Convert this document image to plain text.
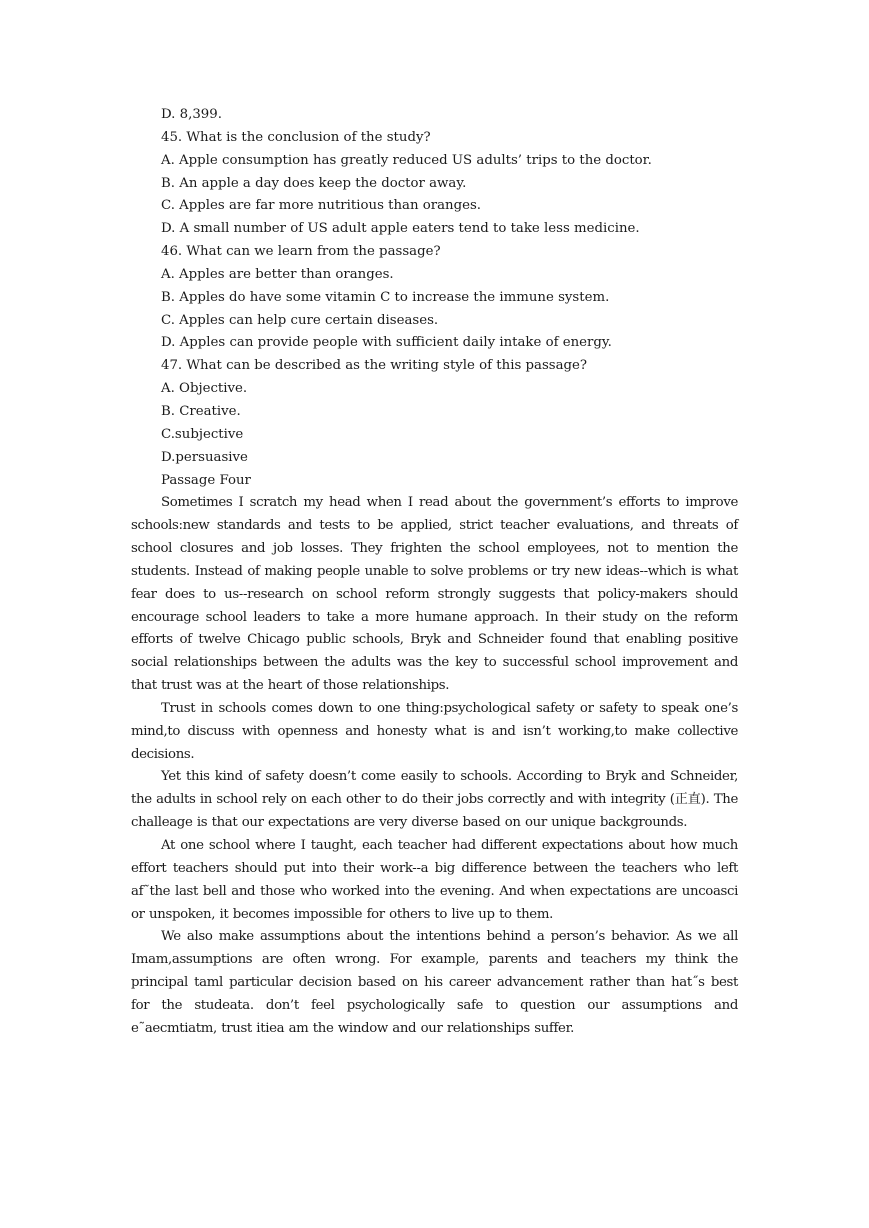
D. 8,399.

45. What is the conclusion of the study?

A. Apple consumption has greatly reduced US adults’ trips to the doctor.

B. An apple a day does keep the doctor away.

C. Apples are far more nutritious than oranges.

D. A small number of US adult apple eaters tend to take less medicine.

46. What can we learn from the passage?

A. Apples are better than oranges.

B. Apples do have some vitamin C to increase the immune system.

C. Apples can help cure certain diseases.

D. Apples can provide people with sufficient daily intake of energy.

47. What can be described as the writing style of this passage?

A. Objective.

B. Creative.

C.subjective

D.persuasive

Passage Four

Sometimes I scratch my head when I read about the government’s efforts to improve schools:new standards and tests to be applied, strict teacher evaluations, and threats of school closures and job losses. They frighten the school employees, not to mention the students. Instead of making people unable to solve problems or try new ideas--which is what fear does to us--research on school reform strongly suggests that policy-makers should encourage school leaders to take a more humane approach. In their study on the reform efforts of twelve Chicago public schools, Bryk and Schneider found that enabling positive social relationships between the adults was the key to successful school improvement and that trust was at the heart of those relationships.

Trust in schools comes down to one thing:psychological safety or safety to speak one’s mind,to discuss with openness and honesty what is and isn’t working,to make collective decisions.

Yet this kind of safety doesn’t come easily to schools. According to Bryk and Schneider, the adults in school rely on each other to do their jobs correctly and with integrity (正直). The challeage is that our expectations are very diverse based on our unique backgrounds.

At one school where I taught, each teacher had different expectations about how much effort teachers should put into their work--a big difference between the teachers who left af˜the last bell and those who worked into the evening. And when expectations are uncoasci or unspoken, it becomes impossible for others to live up to them.

We also make assumptions about the intentions behind a person’s behavior. As we all Imam,assumptions are often wrong. For example, parents and teachers my think the principal taml particular decision based on his career advancement rather than hat˝s best for the studeata. don’t feel psychologically safe to question our assumptions and e˜aecmtiatm, trust itiea am the window and our relationships suffer.
